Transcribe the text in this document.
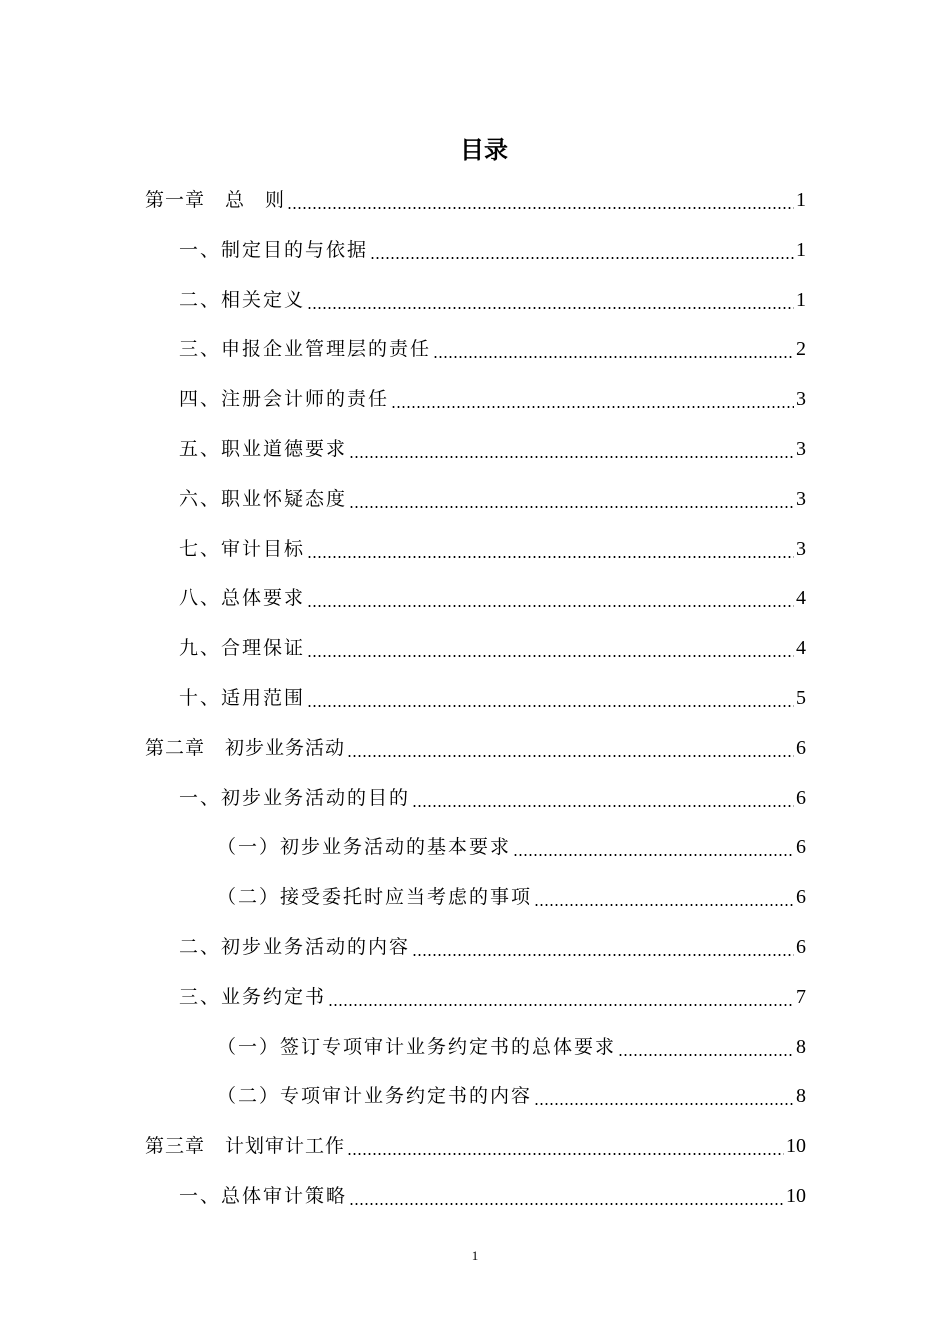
目录
第一章　总　则	1
一、制定目的与依据	1
二、相关定义	1
三、申报企业管理层的责任	2
四、注册会计师的责任	3
五、职业道德要求	3
六、职业怀疑态度	3
七、审计目标	3
八、总体要求	4
九、合理保证	4
十、适用范围	5
第二章　初步业务活动	6
一、初步业务活动的目的	6
（一）初步业务活动的基本要求	6
（二）接受委托时应当考虑的事项	6
二、初步业务活动的内容	6
三、业务约定书	7
（一）签订专项审计业务约定书的总体要求	8
（二）专项审计业务约定书的内容	8
第三章　计划审计工作	10
一、总体审计策略	10
1
